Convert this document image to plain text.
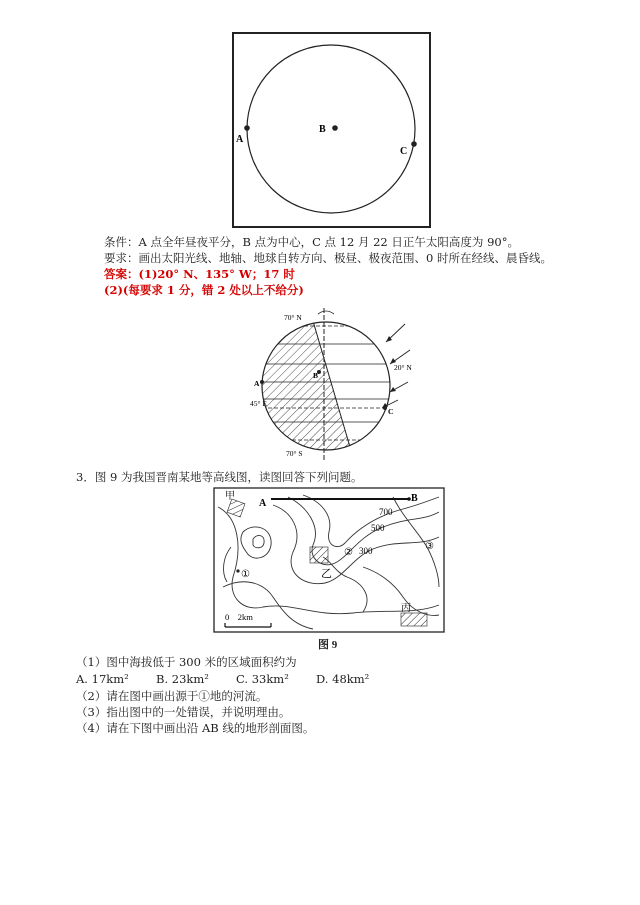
A
B
C
条件：A 点全年昼夜平分，B 点为中心，C 点 12 月 22 日正午太阳高度为 90°。
要求：画出太阳光线、地轴、地球自转方向、极昼、极夜范围、0 时所在经线、晨昏线。
答案：(1)20° N、135° W；17 时
(2)(每要求 1 分，错 2 处以上不给分)
70° N
70° S
20° N
45° E
A
B
C
3．图 9 为我国晋南某地等高线图，读图回答下列问题。
甲
A	B
700
500
300
乙
①
②
③
丙
0    2km
图 9
（1）图中海拔低于 300 米的区域面积约为
A. 17km² B. 23km² C. 33km² D. 48km²
（2）请在图中画出源于①地的河流。
（3）指出图中的一处错误，并说明理由。
（4）请在下图中画出沿 AB 线的地形剖面图。
